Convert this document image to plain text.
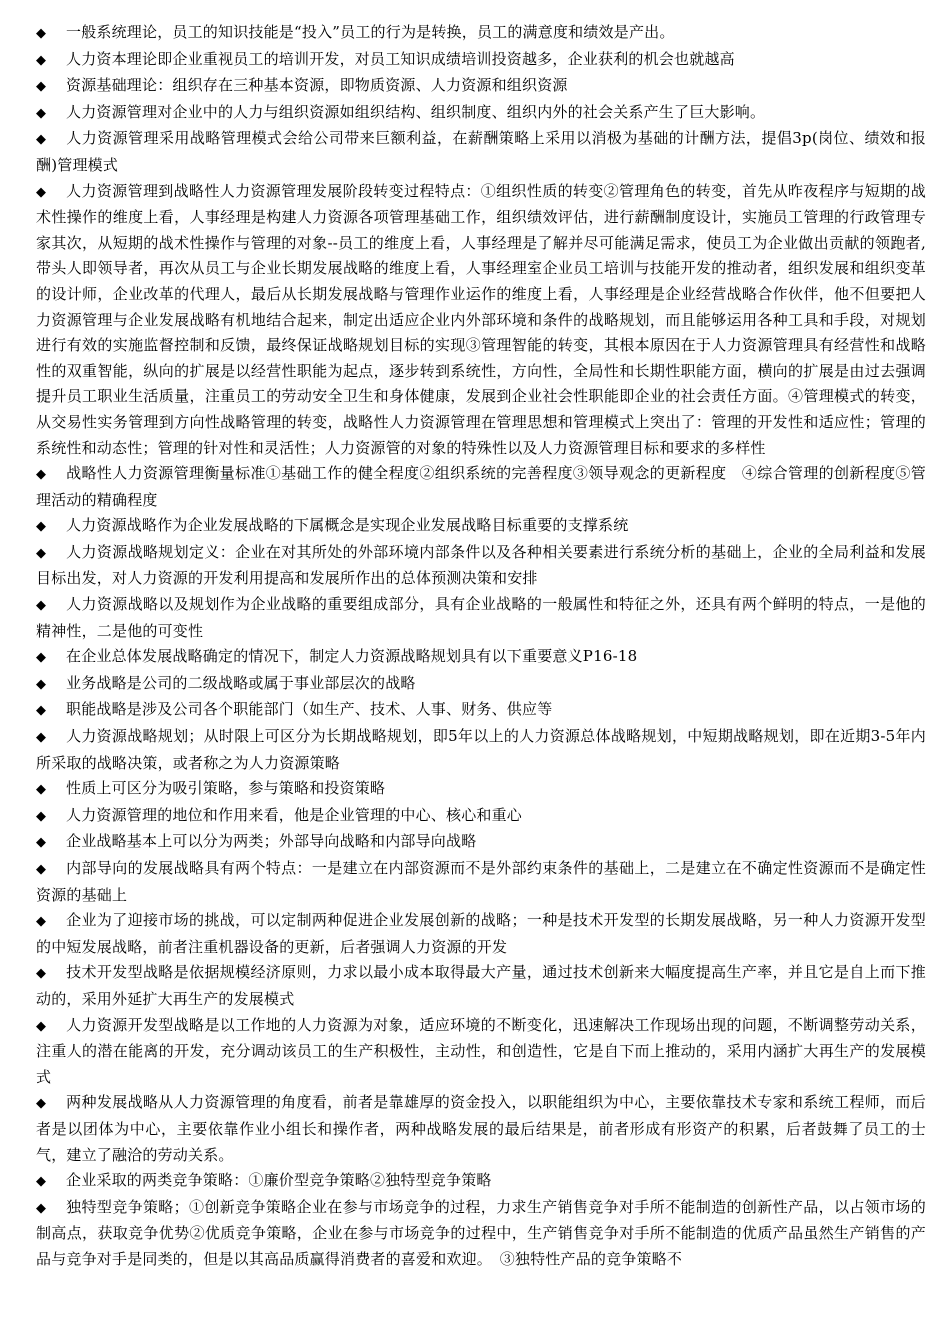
◆ 一般系统理论，员工的知识技能是“投入”员工的行为是转换，员工的满意度和绩效是产出。

◆ 人力资本理论即企业重视员工的培训开发，对员工知识成绩培训投资越多，企业获利的机会也就越高

◆ 资源基础理论：组织存在三种基本资源，即物质资源、人力资源和组织资源

◆ 人力资源管理对企业中的人力与组织资源如组织结构、组织制度、组织内外的社会关系产生了巨大影响。

◆ 人力资源管理采用战略管理模式会给公司带来巨额利益，在薪酬策略上采用以消极为基础的计酬方法，提倡3p(岗位、绩效和报酬)管理模式

◆ 人力资源管理到战略性人力资源管理发展阶段转变过程特点：①组织性质的转变②管理角色的转变，首先从昨夜程序与短期的战术性操作的维度上看，人事经理是构建人力资源各项管理基础工作，组织绩效评估，进行薪酬制度设计，实施员工管理的行政管理专家其次，从短期的战术性操作与管理的对象--员工的维度上看，人事经理是了解并尽可能满足需求，使员工为企业做出贡献的领跑者,带头人即领导者，再次从员工与企业长期发展战略的维度上看，人事经理室企业员工培训与技能开发的推动者，组织发展和组织变革的设计师，企业改革的代理人，最后从长期发展战略与管理作业运作的维度上看，人事经理是企业经营战略合作伙伴，他不但要把人力资源管理与企业发展战略有机地结合起来，制定出适应企业内外部环境和条件的战略规划，而且能够运用各种工具和手段，对规划进行有效的实施监督控制和反馈，最终保证战略规划目标的实现③管理智能的转变，其根本原因在于人力资源管理具有经营性和战略性的双重智能，纵向的扩展是以经营性职能为起点，逐步转到系统性，方向性，全局性和长期性职能方面，横向的扩展是由过去强调提升员工职业生活质量，注重员工的劳动安全卫生和身体健康，发展到企业社会性职能即企业的社会责任方面。④管理模式的转变，从交易性实务管理到方向性战略管理的转变，战略性人力资源管理在管理思想和管理模式上突出了：管理的开发性和适应性；管理的系统性和动态性；管理的针对性和灵活性；人力资源管的对象的特殊性以及人力资源管理目标和要求的多样性

◆ 战略性人力资源管理衡量标准①基础工作的健全程度②组织系统的完善程度③领导观念的更新程度　④综合管理的创新程度⑤管理活动的精确程度

◆ 人力资源战略作为企业发展战略的下属概念是实现企业发展战略目标重要的支撑系统

◆ 人力资源战略规划定义：企业在对其所处的外部环境内部条件以及各种相关要素进行系统分析的基础上，企业的全局利益和发展目标出发，对人力资源的开发利用提高和发展所作出的总体预测决策和安排

◆ 人力资源战略以及规划作为企业战略的重要组成部分，具有企业战略的一般属性和特征之外，还具有两个鲜明的特点，一是他的精神性，二是他的可变性

◆ 在企业总体发展战略确定的情况下，制定人力资源战略规划具有以下重要意义P16-18

◆ 业务战略是公司的二级战略或属于事业部层次的战略

◆ 职能战略是涉及公司各个职能部门（如生产、技术、人事、财务、供应等

◆ 人力资源战略规划；从时限上可区分为长期战略规划，即5年以上的人力资源总体战略规划，中短期战略规划，即在近期3-5年内所采取的战略决策，或者称之为人力资源策略

◆ 性质上可区分为吸引策略，参与策略和投资策略

◆ 人力资源管理的地位和作用来看，他是企业管理的中心、核心和重心

◆ 企业战略基本上可以分为两类；外部导向战略和内部导向战略

◆ 内部导向的发展战略具有两个特点：一是建立在内部资源而不是外部约束条件的基础上，二是建立在不确定性资源而不是确定性资源的基础上

◆ 企业为了迎接市场的挑战，可以定制两种促进企业发展创新的战略；一种是技术开发型的长期发展战略，另一种人力资源开发型的中短发展战略，前者注重机器设备的更新，后者强调人力资源的开发

◆ 技术开发型战略是依据规模经济原则，力求以最小成本取得最大产量，通过技术创新来大幅度提高生产率，并且它是自上而下推动的，采用外延扩大再生产的发展模式

◆ 人力资源开发型战略是以工作地的人力资源为对象，适应环境的不断变化，迅速解决工作现场出现的问题，不断调整劳动关系，注重人的潜在能离的开发，充分调动该员工的生产积极性，主动性，和创造性，它是自下而上推动的，采用内涵扩大再生产的发展模式

◆ 两种发展战略从人力资源管理的角度看，前者是靠雄厚的资金投入，以职能组织为中心，主要依靠技术专家和系统工程师，而后者是以团体为中心，主要依靠作业小组长和操作者，两种战略发展的最后结果是，前者形成有形资产的积累，后者鼓舞了员工的士气，建立了融洽的劳动关系。

◆ 企业采取的两类竞争策略：①廉价型竞争策略②独特型竞争策略

◆ 独特型竞争策略；①创新竞争策略企业在参与市场竞争的过程，力求生产销售竞争对手所不能制造的创新性产品，以占领市场的制高点，获取竞争优势②优质竞争策略，企业在参与市场竞争的过程中，生产销售竞争对手所不能制造的优质产品虽然生产销售的产品与竞争对手是同类的，但是以其高品质赢得消费者的喜爱和欢迎。　③独特性产品的竞争策略不
